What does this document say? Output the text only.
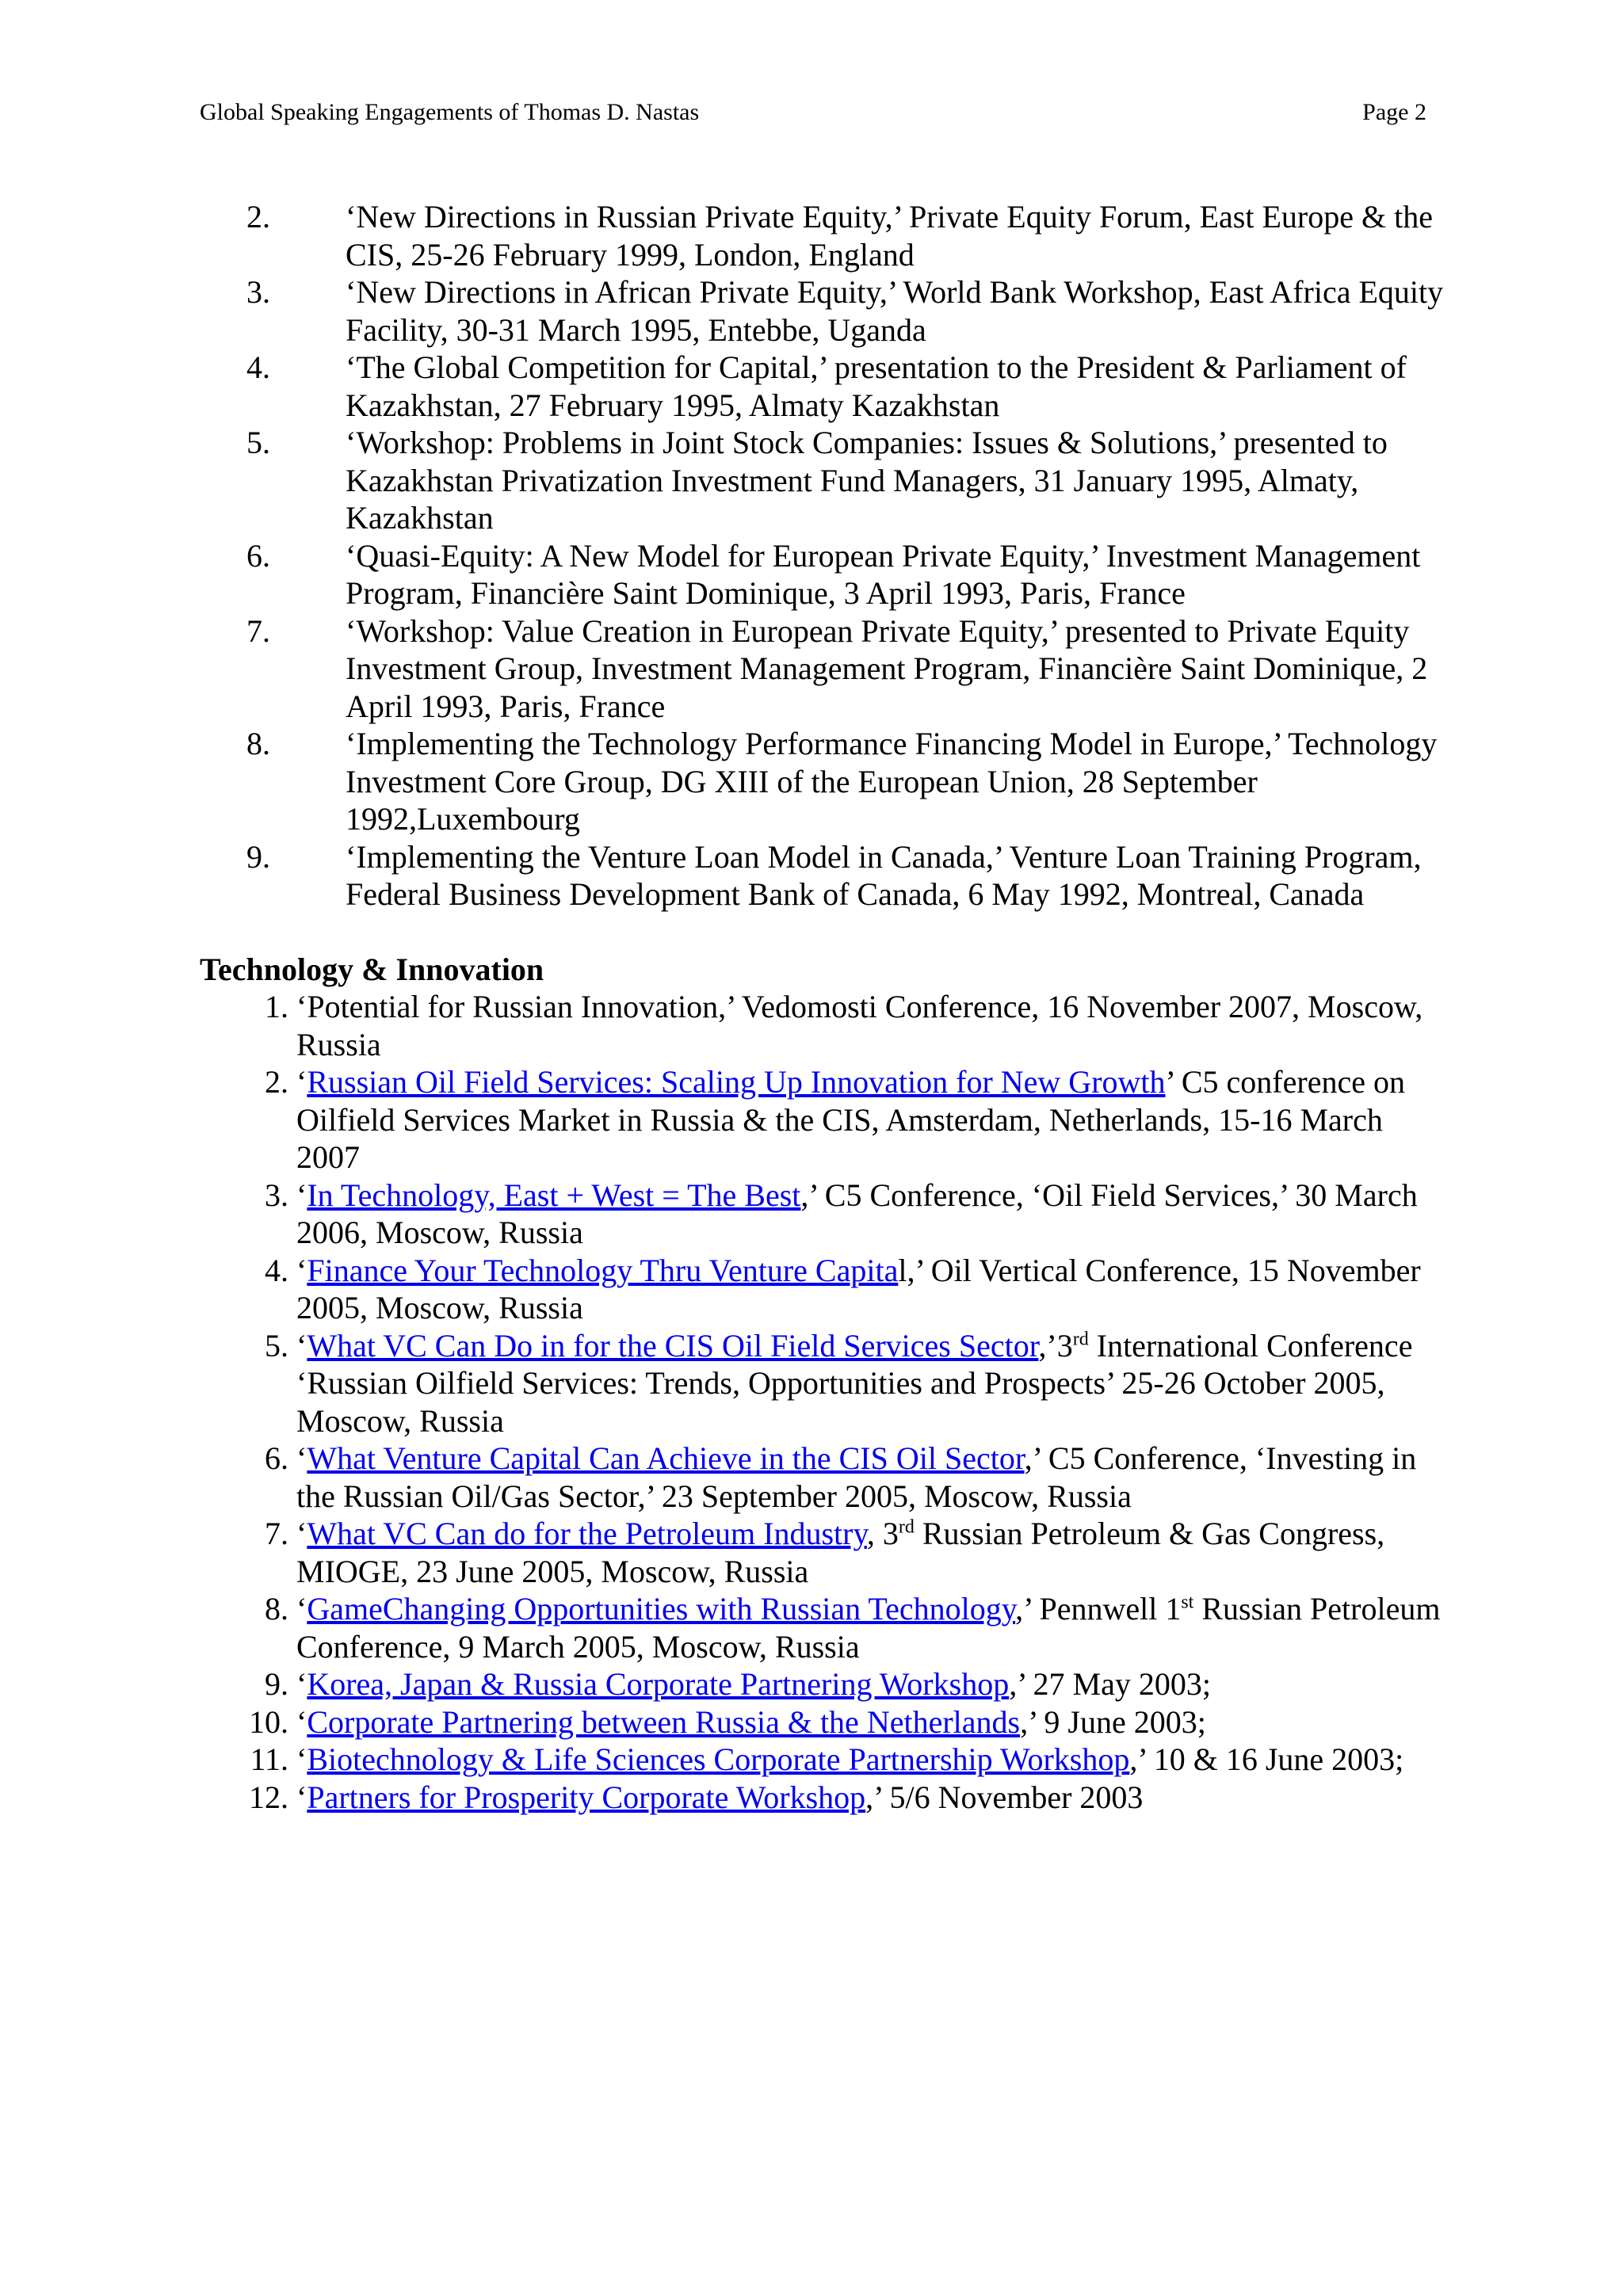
Global Speaking Engagements of Thomas D. Nastas	Page 2
2. ‘New Directions in Russian Private Equity,’ Private Equity Forum, East Europe & the CIS, 25-26 February 1999, London, England
3. ‘New Directions in African Private Equity,’ World Bank Workshop, East Africa Equity Facility, 30-31 March 1995, Entebbe, Uganda
4. ‘The Global Competition for Capital,’ presentation to the President & Parliament of Kazakhstan, 27 February 1995, Almaty Kazakhstan
5. ‘Workshop: Problems in Joint Stock Companies: Issues & Solutions,’ presented to Kazakhstan Privatization Investment Fund Managers, 31 January 1995, Almaty, Kazakhstan
6. ‘Quasi-Equity: A New Model for European Private Equity,’ Investment Management Program, Financière Saint Dominique, 3 April 1993, Paris, France
7. ‘Workshop: Value Creation in European Private Equity,’ presented to Private Equity Investment Group, Investment Management Program, Financière Saint Dominique, 2 April 1993, Paris, France
8. ‘Implementing the Technology Performance Financing Model in Europe,’ Technology Investment Core Group, DG XIII of the European Union, 28 September 1992,Luxembourg
9. ‘Implementing the Venture Loan Model in Canada,’ Venture Loan Training Program, Federal Business Development Bank of Canada, 6 May 1992, Montreal, Canada
Technology & Innovation
1. ‘Potential for Russian Innovation,’ Vedomosti Conference, 16 November 2007, Moscow, Russia
2. ‘Russian Oil Field Services: Scaling Up Innovation for New Growth’ C5 conference on Oilfield Services Market in Russia & the CIS, Amsterdam, Netherlands, 15-16 March 2007
3. ‘In Technology, East + West = The Best,’ C5 Conference, ‘Oil Field Services,’ 30 March 2006, Moscow, Russia
4. ‘Finance Your Technology Thru Venture Capital,’ Oil Vertical Conference, 15 November 2005, Moscow, Russia
5. ‘What VC Can Do in for the CIS Oil Field Services Sector,’3rd International Conference ‘Russian Oilfield Services: Trends, Opportunities and Prospects’ 25-26 October 2005, Moscow, Russia
6. ‘What Venture Capital Can Achieve in the CIS Oil Sector,’ C5 Conference, ‘Investing in the Russian Oil/Gas Sector,’ 23 September 2005, Moscow, Russia
7. ‘What VC Can do for the Petroleum Industry, 3rd Russian Petroleum & Gas Congress, MIOGE, 23 June 2005, Moscow, Russia
8. ‘GameChanging Opportunities with Russian Technology,’ Pennwell 1st Russian Petroleum Conference, 9 March 2005, Moscow, Russia
9. ‘Korea, Japan & Russia Corporate Partnering Workshop,’ 27 May 2003;
10. ‘Corporate Partnering between Russia & the Netherlands,’ 9 June 2003;
11. ‘Biotechnology & Life Sciences Corporate Partnership Workshop,’ 10 & 16 June 2003;
12. ‘Partners for Prosperity Corporate Workshop,’ 5/6 November 2003
